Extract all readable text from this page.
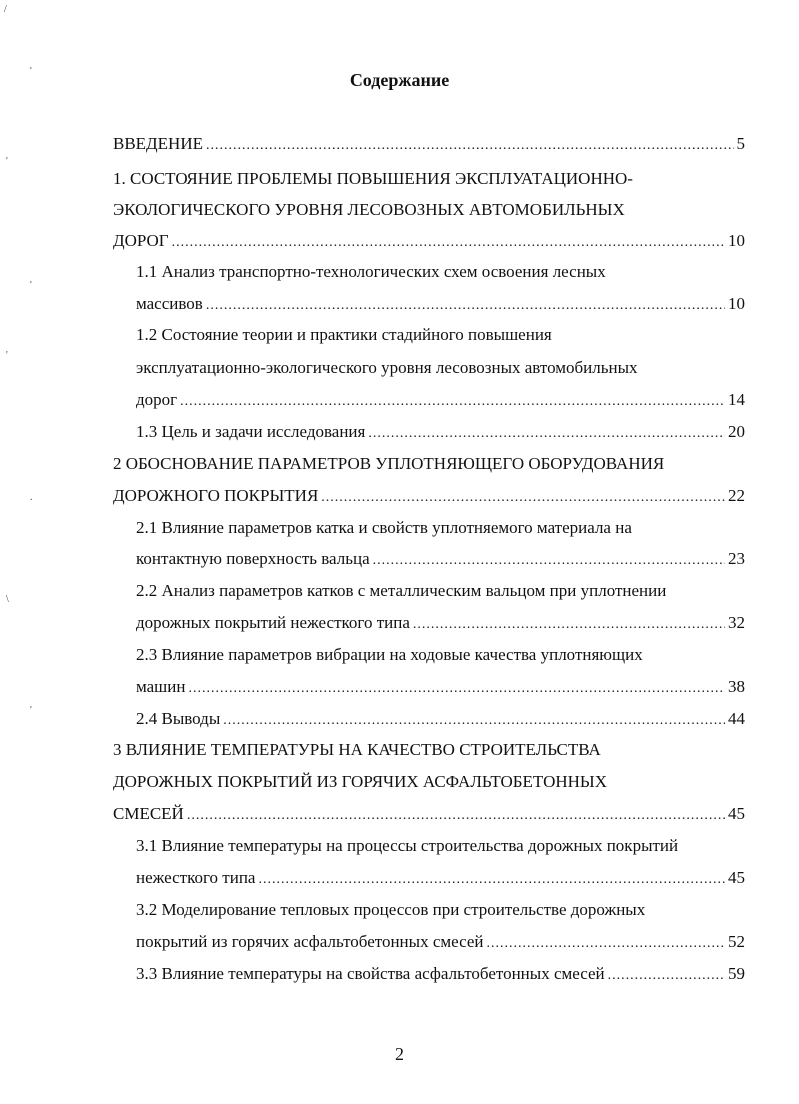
Содержание
ВВЕДЕНИЕ .....	5
1. СОСТОЯНИЕ ПРОБЛЕМЫ ПОВЫШЕНИЯ ЭКСПЛУАТАЦИОННО-
ЭКОЛОГИЧЕСКОГО УРОВНЯ ЛЕСОВОЗНЫХ АВТОМОБИЛЬНЫХ
ДОРОГ .....	10
1.1 Анализ транспортно-технологических схем освоения лесных
массивов .....	10
1.2 Состояние теории и практики стадийного повышения
эксплуатационно-экологического уровня лесовозных автомобильных
дорог .....	14
1.3 Цель и задачи исследования .....	20
2 ОБОСНОВАНИЕ ПАРАМЕТРОВ УПЛОТНЯЮЩЕГО ОБОРУДОВАНИЯ
ДОРОЖНОГО ПОКРЫТИЯ .....	22
2.1 Влияние параметров катка и свойств уплотняемого материала на
контактную поверхность вальца .....	23
2.2 Анализ параметров катков с металлическим вальцом при уплотнении
дорожных покрытий нежесткого типа .....	32
2.3 Влияние параметров вибрации на ходовые качества уплотняющих
машин .....	38
2.4 Выводы .....	44
3 ВЛИЯНИЕ ТЕМПЕРАТУРЫ НА КАЧЕСТВО СТРОИТЕЛЬСТВА
ДОРОЖНЫХ ПОКРЫТИЙ ИЗ ГОРЯЧИХ АСФАЛЬТОБЕТОННЫХ
СМЕСЕЙ .....	45
3.1 Влияние температуры на процессы строительства дорожных покрытий
нежесткого типа .....	45
3.2 Моделирование тепловых процессов при строительстве дорожных
покрытий из горячих асфальтобетонных смесей .....	52
3.3 Влияние температуры на свойства асфальтобетонных смесей .....	59
2
/
'
'
'
'
.
\
'
